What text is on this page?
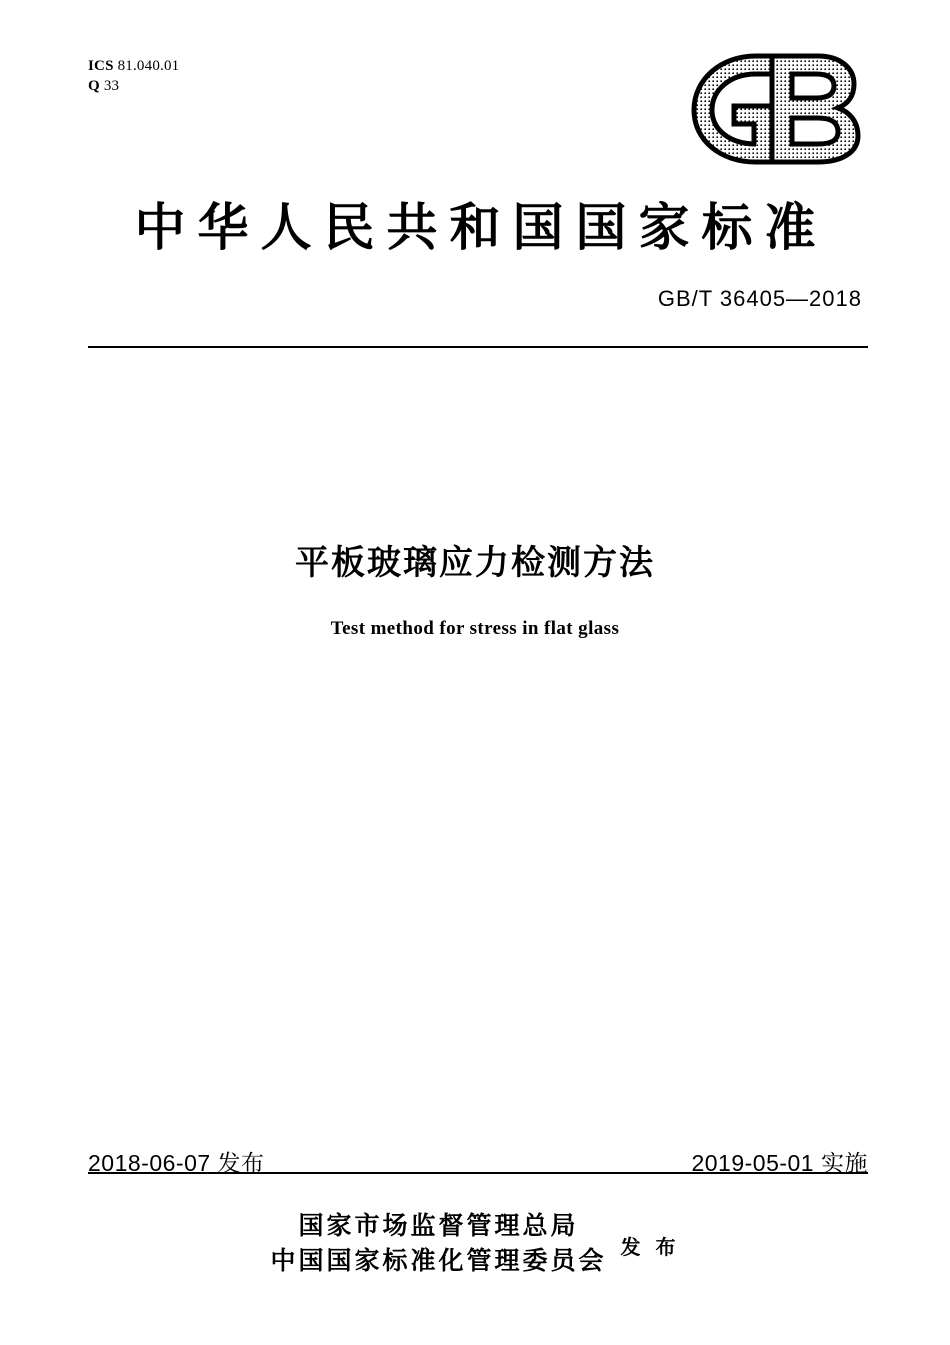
ICS 81.040.01
Q 33
中华人民共和国国家标准
GB/T 36405—2018
平板玻璃应力检测方法
Test method for stress in flat glass
2018-06-07 发布	2019-05-01 实施
国家市场监督管理总局
中国国家标准化管理委员会 发 布
